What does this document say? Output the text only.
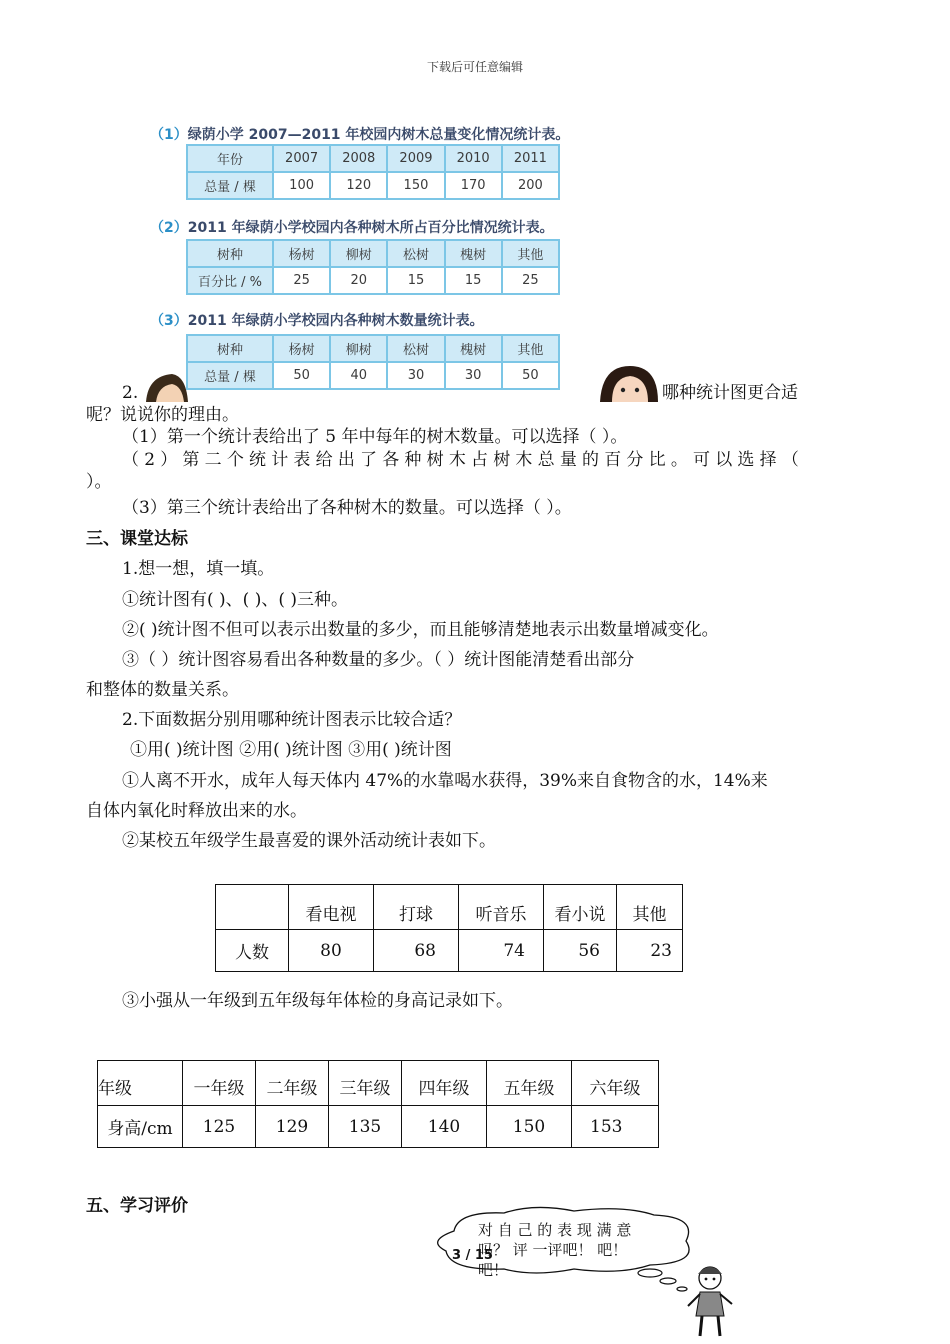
下载后可任意编辑
（1）绿荫小学 2007—2011 年校园内树木总量变化情况统计表。
年份	2007	2008	2009	2010	2011
总量 / 棵	100	120	150	170	200
（2）2011 年绿荫小学校园内各种树木所占百分比情况统计表。
树种	杨树	柳树	松树	槐树	其他
百分比 / %	25	20	15	15	25
（3）2011 年绿荫小学校园内各种树木数量统计表。
树种	杨树	柳树	松树	槐树	其他
总量 / 棵	50	40	30	30	50
2.	哪种统计图更合适
呢？说说你的理由。
（1）第一个统计表给出了 5 年中每年的树木数量。可以选择（ ）。
（2）第二个统计表给出了各种树木占树木总量的百分比。可以选择（
）。
（3）第三个统计表给出了各种树木的数量。可以选择（ ）。
三、课堂达标
1.想一想，填一填。
①统计图有( )、( )、( )三种。
②( )统计图不但可以表示出数量的多少，而且能够清楚地表示出数量增减变化。
③（ ）统计图容易看出各种数量的多少。（ ）统计图能清楚看出部分
和整体的数量关系。
2.下面数据分别用哪种统计图表示比较合适？
①用( )统计图 ②用( )统计图 ③用( )统计图
①人离不开水，成年人每天体内 47%的水靠喝水获得，39%来自食物含的水，14%来
自体内氧化时释放出来的水。
②某校五年级学生最喜爱的课外活动统计表如下。
	看电视	打球	听音乐	看小说	其他
人数	80	68	74	56	23
③小强从一年级到五年级每年体检的身高记录如下。
年级	一年级	二年级	三年级	四年级	五年级	六年级
身高/cm	125	129	135	140	150	153
五、学习评价
对 自 己 的 表 现 满 意
吗？ 评 一评吧！ 吧！
吧！
3 / 15
